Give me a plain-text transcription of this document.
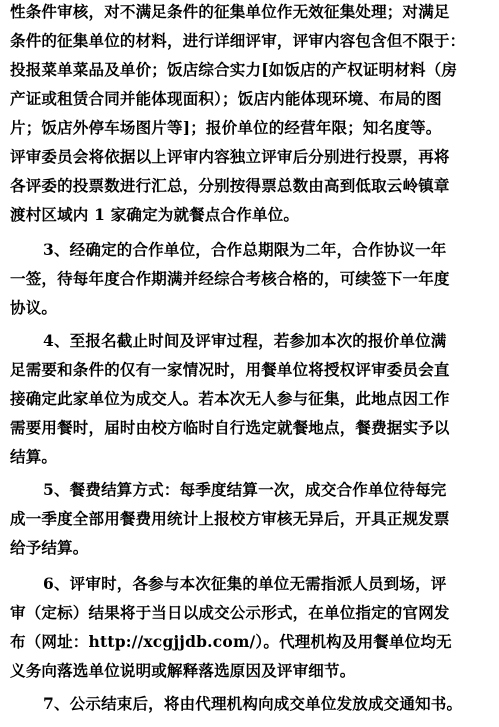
性条件审核，对不满足条件的征集单位作无效征集处理；对满足
条件的征集单位的材料，进行详细评审，评审内容包含但不限于：
投报菜单菜品及单价；饭店综合实力[如饭店的产权证明材料（房
产证或租赁合同并能体现面积）；饭店内能体现环境、布局的图
片；饭店外停车场图片等]；报价单位的经营年限；知名度等。
评审委员会将依据以上评审内容独立评审后分别进行投票，再将
各评委的投票数进行汇总，分别按得票总数由高到低取云岭镇章
渡村区域内 1 家确定为就餐点合作单位。
3、经确定的合作单位，合作总期限为二年，合作协议一年
一签，待每年度合作期满并经综合考核合格的，可续签下一年度
协议。
4、至报名截止时间及评审过程，若参加本次的报价单位满
足需要和条件的仅有一家情况时，用餐单位将授权评审委员会直
接确定此家单位为成交人。若本次无人参与征集，此地点因工作
需要用餐时，届时由校方临时自行选定就餐地点，餐费据实予以
结算。
5、餐费结算方式：每季度结算一次，成交合作单位待每完
成一季度全部用餐费用统计上报校方审核无异后，开具正规发票
给予结算。
6、评审时，各参与本次征集的单位无需指派人员到场，评
审（定标）结果将于当日以成交公示形式，在单位指定的官网发
布（网址：http://xcgjjdb.com/）。代理机构及用餐单位均无
义务向落选单位说明或解释落选原因及评审细节。
7、公示结束后，将由代理机构向成交单位发放成交通知书。
